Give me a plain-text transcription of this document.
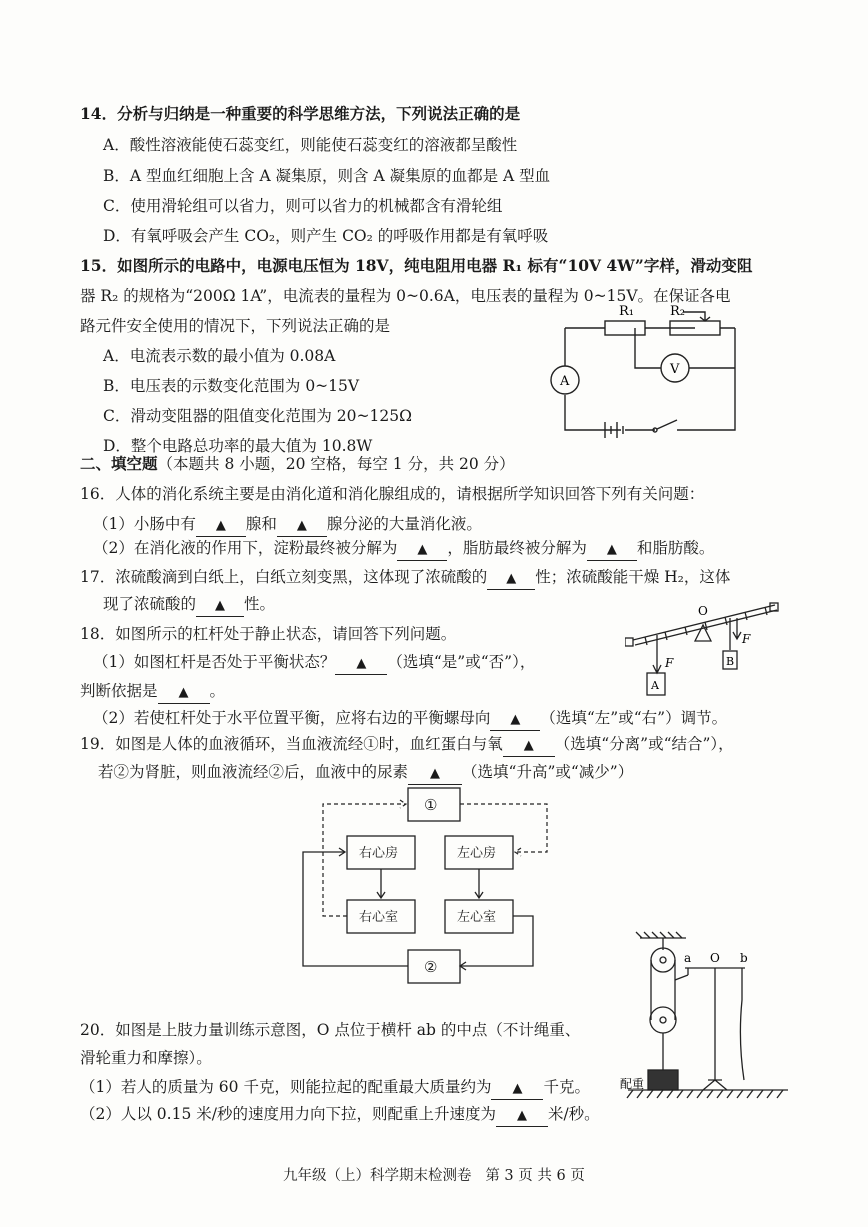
14．分析与归纳是一种重要的科学思维方法，下列说法正确的是
A．酸性溶液能使石蕊变红，则能使石蕊变红的溶液都呈酸性
B．A 型血红细胞上含 A 凝集原，则含 A 凝集原的血都是 A 型血
C．使用滑轮组可以省力，则可以省力的机械都含有滑轮组
D．有氧呼吸会产生 CO₂，则产生 CO₂ 的呼吸作用都是有氧呼吸
15．如图所示的电路中，电源电压恒为 18V，纯电阻用电器 R₁ 标有“10V 4W”字样，滑动变阻
器 R₂ 的规格为“200Ω 1A”，电流表的量程为 0~0.6A，电压表的量程为 0~15V。在保证各电
路元件安全使用的情况下，下列说法正确的是
A．电流表示数的最小值为 0.08A
B．电压表的示数变化范围为 0~15V
C．滑动变阻器的阻值变化范围为 20~125Ω
D．整个电路总功率的最大值为 10.8W
R₁	R₂
V
A
二、填空题（本题共 8 小题，20 空格，每空 1 分，共 20 分）
16．人体的消化系统主要是由消化道和消化腺组成的，请根据所学知识回答下列有关问题：
（1）小肠中有 ▲ 腺和 ▲ 腺分泌的大量消化液。
（2）在消化液的作用下，淀粉最终被分解为 ▲ ，脂肪最终被分解为 ▲ 和脂肪酸。
17．浓硫酸滴到白纸上，白纸立刻变黑，这体现了浓硫酸的 ▲ 性；浓硫酸能干燥 H₂，这体
现了浓硫酸的 ▲ 性。
18．如图所示的杠杆处于静止状态，请回答下列问题。
（1）如图杠杆是否处于平衡状态？ ▲ （选填“是”或“否”），
判断依据是 ▲ 。
（2）若使杠杆处于水平位置平衡，应将右边的平衡螺母向 ▲ （选填“左”或“右”）调节。
O
F
F
A
B
19．如图是人体的血液循环，当血液流经①时，血红蛋白与氧 ▲ （选填“分离”或“结合”），
若②为肾脏，则血液流经②后，血液中的尿素 ▲ （选填“升高”或“减少”）
①
右心房	左心房
右心室	左心室
②
20．如图是上肢力量训练示意图，O 点位于横杆 ab 的中点（不计绳重、
滑轮重力和摩擦）。
（1）若人的质量为 60 千克，则能拉起的配重最大质量约为 ▲ 千克。
（2）人以 0.15 米/秒的速度用力向下拉，则配重上升速度为 ▲ 米/秒。
a O b
配重
九年级（上）科学期末检测卷 第 3 页 共 6 页
